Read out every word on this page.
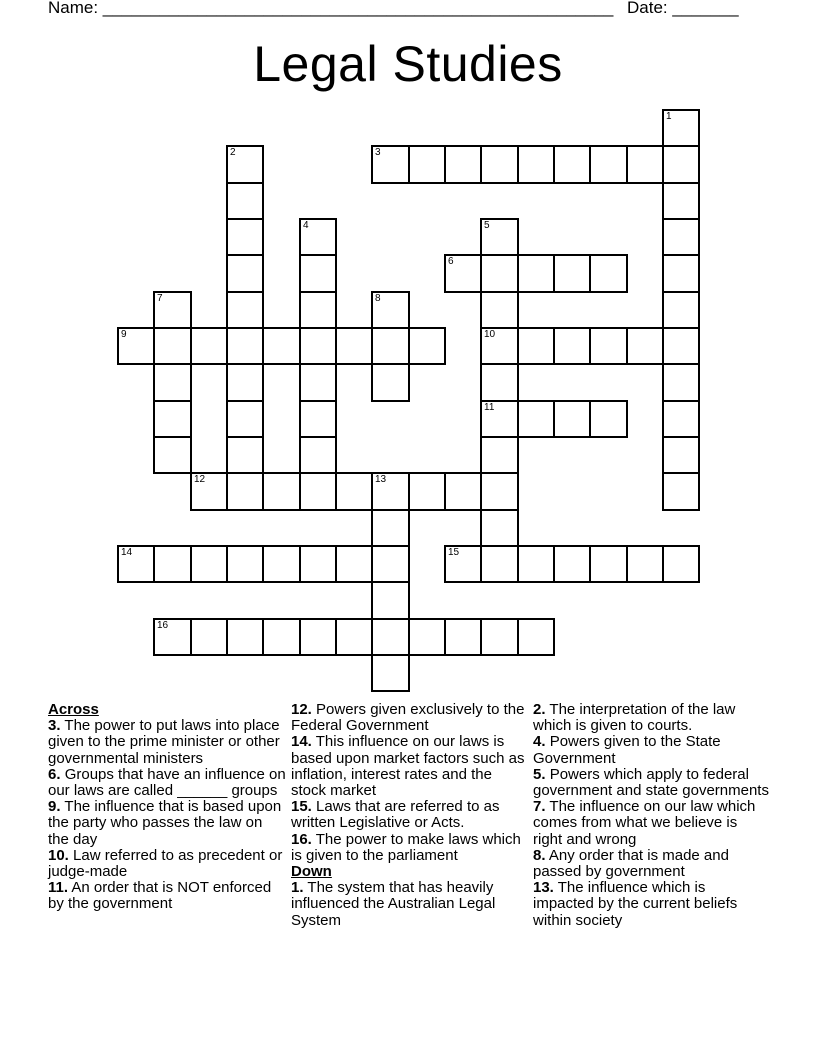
Name: ______________________________________________________ Date: _______
Legal Studies
1
2	3
4	5
10
11
6
7	8
9
12	13
14	15
16
Across
3. The power to put laws into place given to the prime minister or other governmental ministers
6. Groups that have an influence on our laws are called ______ groups
9. The influence that is based upon the party who passes the law on the day
10. Law referred to as precedent or judge-made
11. An order that is NOT enforced by the government
12. Powers given exclusively to the Federal Government
14. This influence on our laws is based upon market factors such as inflation, interest rates and the stock market
15. Laws that are referred to as written Legislative or Acts.
16. The power to make laws which is given to the parliament
Down
1. The system that has heavily influenced the Australian Legal System
2. The interpretation of the law which is given to courts.
4. Powers given to the State Government
5. Powers which apply to federal government and state governments
7. The influence on our law which comes from what we believe is right and wrong
8. Any order that is made and passed by government
13. The influence which is impacted by the current beliefs within society
